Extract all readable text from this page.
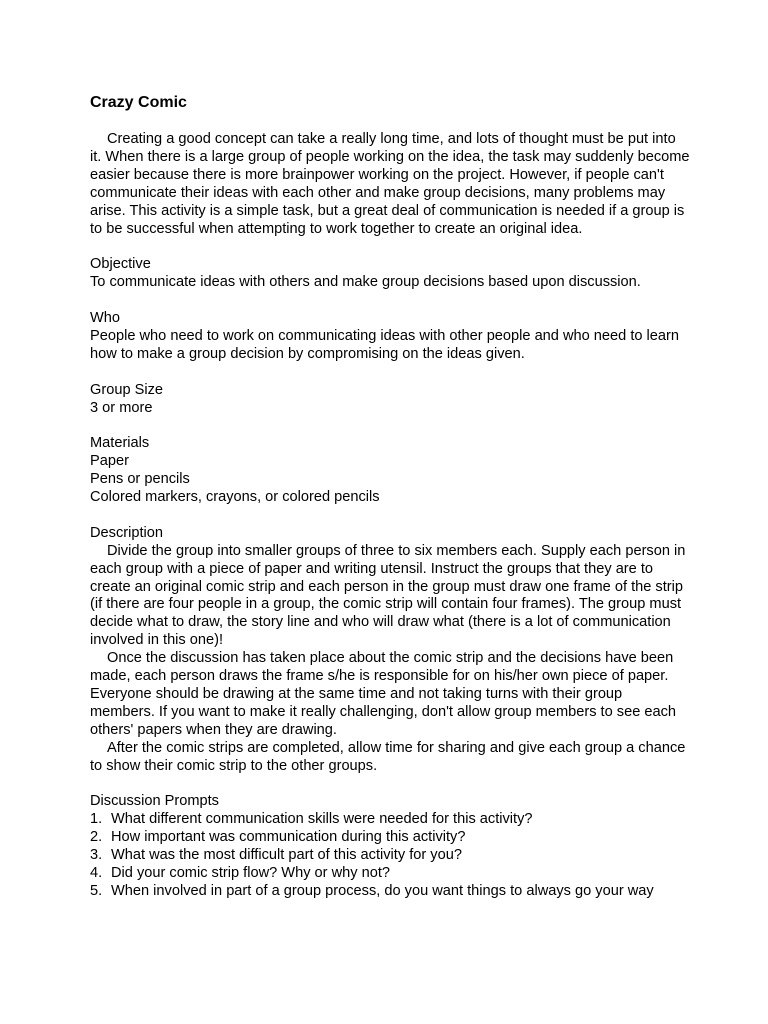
Crazy Comic

Creating a good concept can take a really long time, and lots of thought must be put into it. When there is a large group of people working on the idea, the task may suddenly become easier because there is more brainpower working on the project. However, if people can't communicate their ideas with each other and make group decisions, many problems may arise. This activity is a simple task, but a great deal of communication is needed if a group is to be successful when attempting to work together to create an original idea.

Objective

To communicate ideas with others and make group decisions based upon discussion.

Who

People who need to work on communicating ideas with other people and who need to learn how to make a group decision by compromising on the ideas given.

Group Size

3 or more

Materials

Paper

Pens or pencils

Colored markers, crayons, or colored pencils

Description

Divide the group into smaller groups of three to six members each. Supply each person in each group with a piece of paper and writing utensil. Instruct the groups that they are to create an original comic strip and each person in the group must draw one frame of the strip (if there are four people in a group, the comic strip will contain four frames). The group must decide what to draw, the story line and who will draw what (there is a lot of communication involved in this one)!

Once the discussion has taken place about the comic strip and the decisions have been made, each person draws the frame s/he is responsible for on his/her own piece of paper. Everyone should be drawing at the same time and not taking turns with their group members. If you want to make it really challenging, don't allow group members to see each others' papers when they are drawing.

After the comic strips are completed, allow time for sharing and give each group a chance to show their comic strip to the other groups.

Discussion Prompts

1. What different communication skills were needed for this activity?
2. How important was communication during this activity?
3. What was the most difficult part of this activity for you?
4. Did your comic strip flow? Why or why not?
5. When involved in part of a group process, do you want things to always go your way
